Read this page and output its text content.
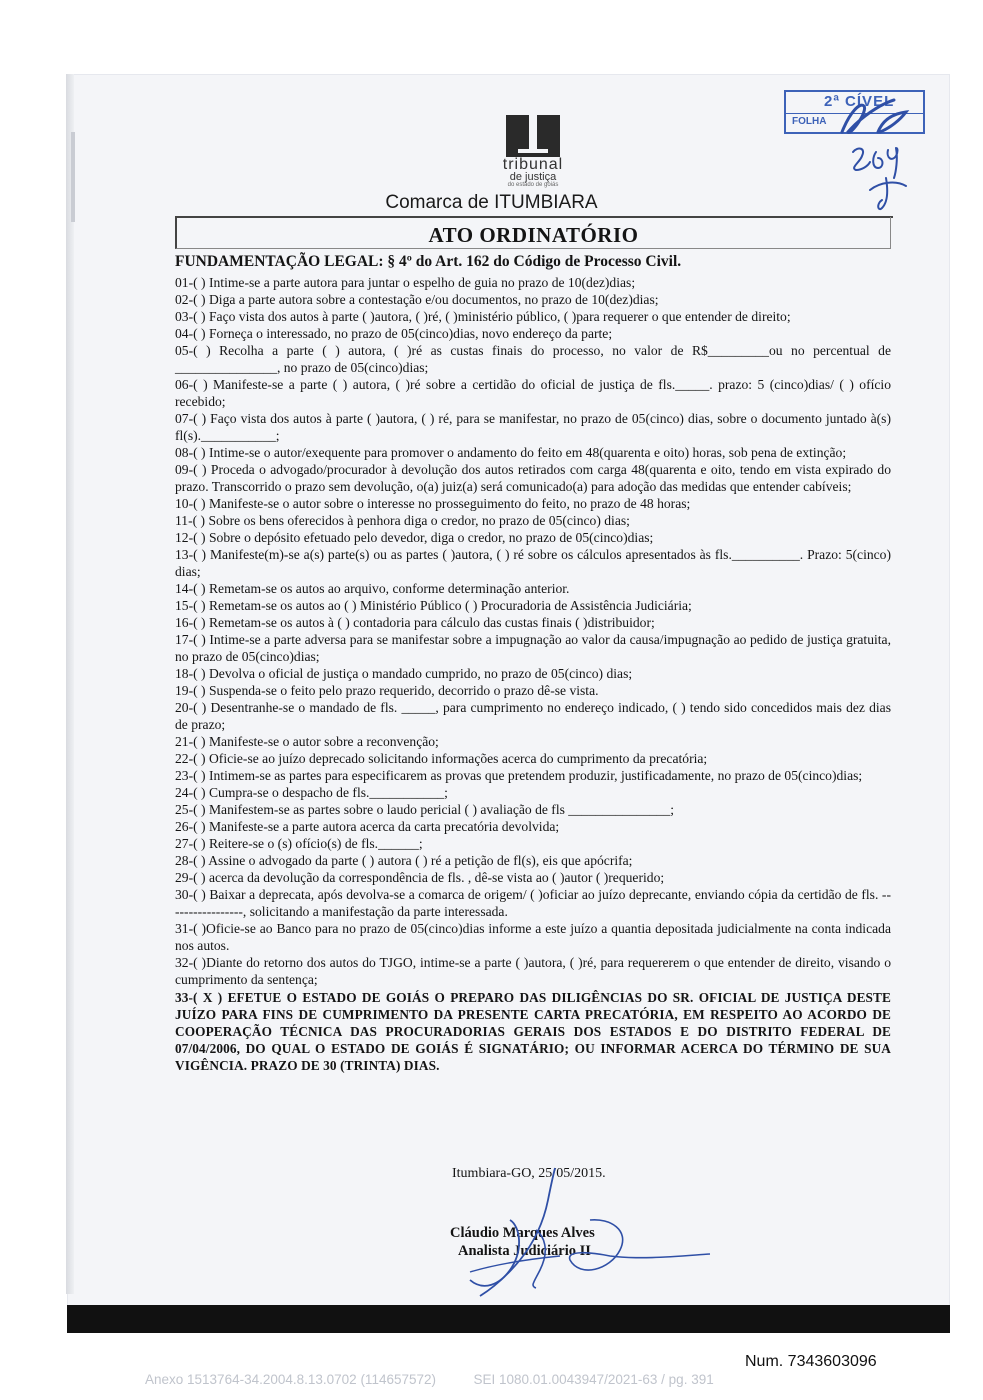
2ª CÍVEL
FOLHA
tribunal
de justiça
do estado de goiás
Comarca de ITUMBIARA
ATO ORDINATÓRIO
FUNDAMENTAÇÃO LEGAL: § 4º do Art. 162 do Código de Processo Civil.

01-( ) Intime-se a parte autora para juntar o espelho de guia no prazo de 10(dez)dias;

02-( ) Diga a parte autora sobre a contestação e/ou documentos, no prazo de 10(dez)dias;

03-( ) Faço vista dos autos à parte ( )autora, ( )ré, ( )ministério público, ( )para requerer o que entender de direito;

04-( ) Forneça o interessado, no prazo de 05(cinco)dias, novo endereço da parte;

05-( ) Recolha a parte ( ) autora, ( )ré as custas finais do processo, no valor de R$_________ou no percentual de _______________, no prazo de 05(cinco)dias;

06-( ) Manifeste-se a parte ( ) autora, ( )ré sobre a certidão do oficial de justiça de fls._____. prazo: 5 (cinco)dias/ ( ) ofício recebido;

07-( ) Faço vista dos autos à parte ( )autora, ( ) ré, para se manifestar, no prazo de 05(cinco) dias, sobre o documento juntado à(s) fl(s).___________;

08-( ) Intime-se o autor/exequente para promover o andamento do feito em 48(quarenta e oito) horas, sob pena de extinção;

09-( ) Proceda o advogado/procurador à devolução dos autos retirados com carga 48(quarenta e oito, tendo em vista expirado do prazo. Transcorrido o prazo sem devolução, o(a) juiz(a) será comunicado(a) para adoção das medidas que entender cabíveis;

10-( ) Manifeste-se o autor sobre o interesse no prosseguimento do feito, no prazo de 48 horas;

11-( ) Sobre os bens oferecidos à penhora diga o credor, no prazo de 05(cinco) dias;

12-( ) Sobre o depósito efetuado pelo devedor, diga o credor, no prazo de 05(cinco)dias;

13-( ) Manifeste(m)-se a(s) parte(s) ou as partes ( )autora, ( ) ré sobre os cálculos apresentados às fls.__________. Prazo: 5(cinco) dias;

14-( ) Remetam-se os autos ao arquivo, conforme determinação anterior.

15-( ) Remetam-se os autos ao ( ) Ministério Público ( ) Procuradoria de Assistência Judiciária;

16-( ) Remetam-se os autos à ( ) contadoria para cálculo das custas finais ( )distribuidor;

17-( ) Intime-se a parte adversa para se manifestar sobre a impugnação ao valor da causa/impugnação ao pedido de justiça gratuita, no prazo de 05(cinco)dias;

18-( ) Devolva o oficial de justiça o mandado cumprido, no prazo de 05(cinco) dias;

19-( ) Suspenda-se o feito pelo prazo requerido, decorrido o prazo dê-se vista.

20-( ) Desentranhe-se o mandado de fls. _____, para cumprimento no endereço indicado, ( ) tendo sido concedidos mais dez dias de prazo;

21-( ) Manifeste-se o autor sobre a reconvenção;

22-( ) Oficie-se ao juízo deprecado solicitando informações acerca do cumprimento da precatória;

23-( ) Intimem-se as partes para especificarem as provas que pretendem produzir, justificadamente, no prazo de 05(cinco)dias;

24-( ) Cumpra-se o despacho de fls.___________;

25-( ) Manifestem-se as partes sobre o laudo pericial ( ) avaliação de fls _______________;

26-( ) Manifeste-se a parte autora acerca da carta precatória devolvida;

27-( ) Reitere-se o (s) ofício(s) de fls.______;

28-( ) Assine o advogado da parte ( ) autora ( ) ré a petição de fl(s), eis que apócrifa;

29-( ) acerca da devolução da correspondência de fls. , dê-se vista ao ( )autor ( )requerido;

30-( ) Baixar a deprecata, após devolva-se a comarca de origem/ ( )oficiar ao juízo deprecante, enviando cópia da certidão de fls. -----------------, solicitando a manifestação da parte interessada.

31-( )Oficie-se ao Banco para no prazo de 05(cinco)dias informe a este juízo a quantia depositada judicialmente na conta indicada nos autos.

32-( )Diante do retorno dos autos do TJGO, intime-se a parte ( )autora, ( )ré, para requererem o que entender de direito, visando o cumprimento da sentença;

33-( X ) EFETUE O ESTADO DE GOIÁS O PREPARO DAS DILIGÊNCIAS DO SR. OFICIAL DE JUSTIÇA DESTE JUÍZO PARA FINS DE CUMPRIMENTO DA PRESENTE CARTA PRECATÓRIA, EM RESPEITO AO ACORDO DE COOPERAÇÃO TÉCNICA DAS PROCURADORIAS GERAIS DOS ESTADOS E DO DISTRITO FEDERAL DE 07/04/2006, DO QUAL O ESTADO DE GOIÁS É SIGNATÁRIO; OU INFORMAR ACERCA DO TÉRMINO DE SUA VIGÊNCIA. PRAZO DE 30 (TRINTA) DIAS.

Itumbiara-GO, 25/05/2015.
Cláudio Marques Alves
Analista Judiciário II
Num. 7343603096
Anexo 1513764-34.2004.8.13.0702 (114657572)          SEI 1080.01.0043947/2021-63 / pg. 391
